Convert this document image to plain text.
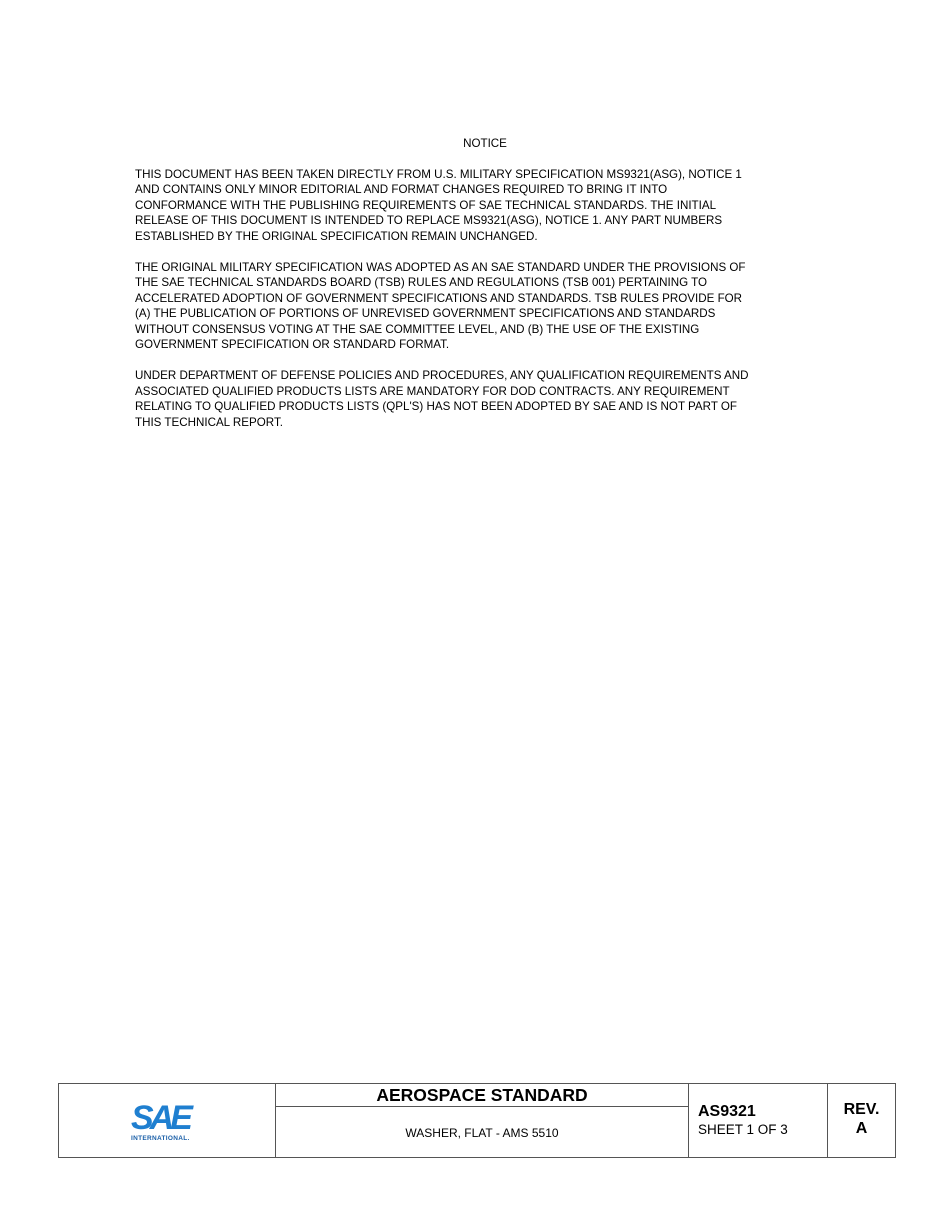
NOTICE

THIS DOCUMENT HAS BEEN TAKEN DIRECTLY FROM U.S. MILITARY SPECIFICATION MS9321(ASG), NOTICE 1
AND CONTAINS ONLY MINOR EDITORIAL AND FORMAT CHANGES REQUIRED TO BRING IT INTO
CONFORMANCE WITH THE PUBLISHING REQUIREMENTS OF SAE TECHNICAL STANDARDS. THE INITIAL
RELEASE OF THIS DOCUMENT IS INTENDED TO REPLACE MS9321(ASG), NOTICE 1. ANY PART NUMBERS
ESTABLISHED BY THE ORIGINAL SPECIFICATION REMAIN UNCHANGED.

THE ORIGINAL MILITARY SPECIFICATION WAS ADOPTED AS AN SAE STANDARD UNDER THE PROVISIONS OF
THE SAE TECHNICAL STANDARDS BOARD (TSB) RULES AND REGULATIONS (TSB 001) PERTAINING TO
ACCELERATED ADOPTION OF GOVERNMENT SPECIFICATIONS AND STANDARDS. TSB RULES PROVIDE FOR
(A) THE PUBLICATION OF PORTIONS OF UNREVISED GOVERNMENT SPECIFICATIONS AND STANDARDS
WITHOUT CONSENSUS VOTING AT THE SAE COMMITTEE LEVEL, AND (B) THE USE OF THE EXISTING
GOVERNMENT SPECIFICATION OR STANDARD FORMAT.

UNDER DEPARTMENT OF DEFENSE POLICIES AND PROCEDURES, ANY QUALIFICATION REQUIREMENTS AND
ASSOCIATED QUALIFIED PRODUCTS LISTS ARE MANDATORY FOR DOD CONTRACTS. ANY REQUIREMENT
RELATING TO QUALIFIED PRODUCTS LISTS (QPL'S) HAS NOT BEEN ADOPTED BY SAE AND IS NOT PART OF
THIS TECHNICAL REPORT.

SAE
INTERNATIONAL.
AEROSPACE STANDARD
WASHER, FLAT - AMS 5510
AS9321
SHEET 1 OF 3
REV.
A
